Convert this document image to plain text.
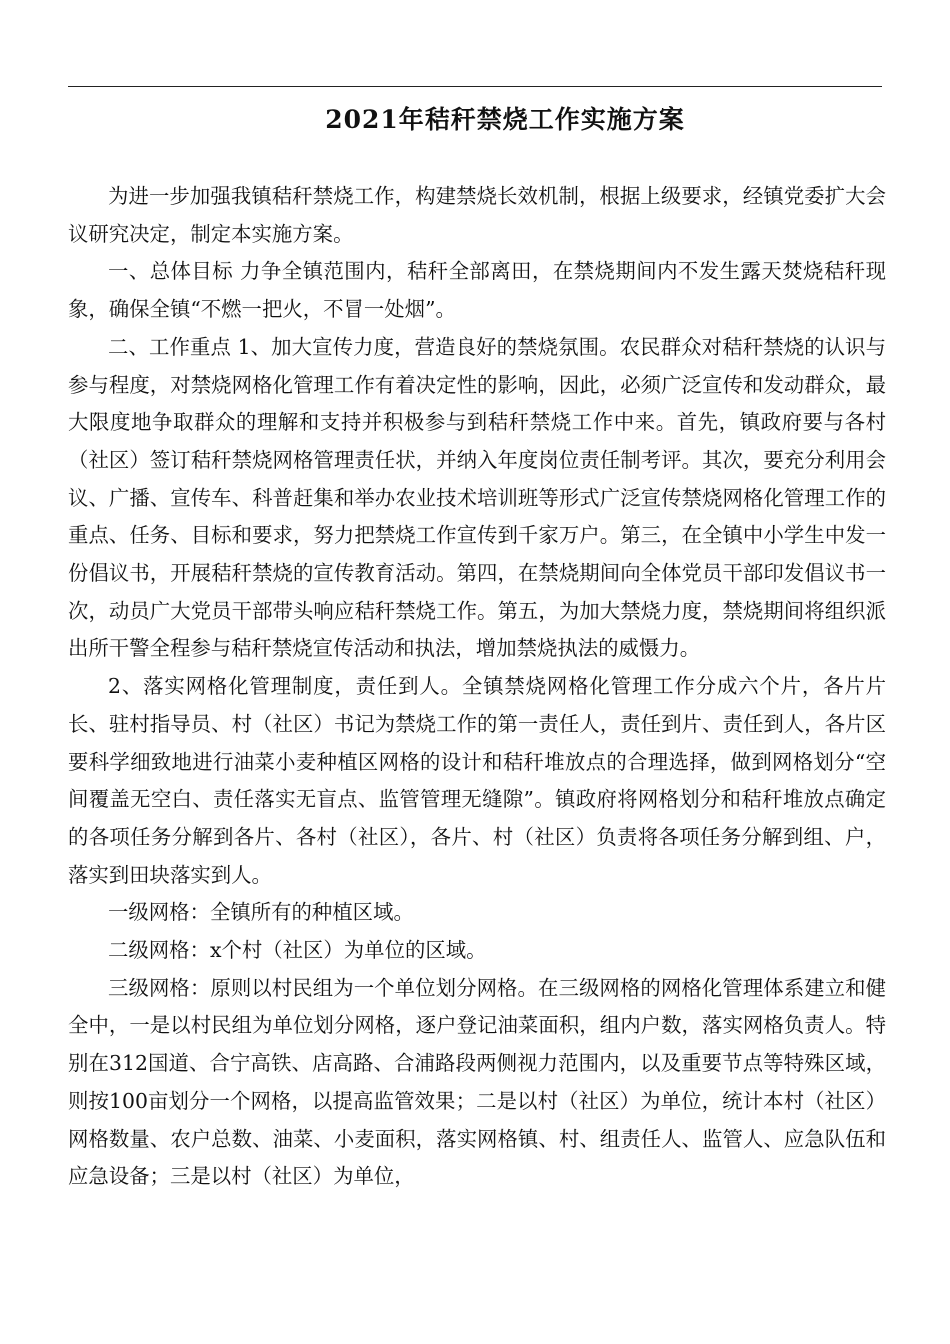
2021年秸秆禁烧工作实施方案

为进一步加强我镇秸秆禁烧工作，构建禁烧长效机制，根据上级要求，经镇党委扩大会议研究决定，制定本实施方案。

一、总体目标 力争全镇范围内，秸秆全部离田，在禁烧期间内不发生露天焚烧秸秆现象，确保全镇“不燃一把火，不冒一处烟”。

二、工作重点 1、加大宣传力度，营造良好的禁烧氛围。农民群众对秸秆禁烧的认识与参与程度，对禁烧网格化管理工作有着决定性的影响，因此，必须广泛宣传和发动群众，最大限度地争取群众的理解和支持并积极参与到秸秆禁烧工作中来。首先，镇政府要与各村（社区）签订秸秆禁烧网格管理责任状，并纳入年度岗位责任制考评。其次，要充分利用会议、广播、宣传车、科普赶集和举办农业技术培训班等形式广泛宣传禁烧网格化管理工作的重点、任务、目标和要求，努力把禁烧工作宣传到千家万户。第三，在全镇中小学生中发一份倡议书，开展秸秆禁烧的宣传教育活动。第四，在禁烧期间向全体党员干部印发倡议书一次，动员广大党员干部带头响应秸秆禁烧工作。第五，为加大禁烧力度，禁烧期间将组织派出所干警全程参与秸秆禁烧宣传活动和执法，增加禁烧执法的威慑力。

2、落实网格化管理制度，责任到人。全镇禁烧网格化管理工作分成六个片，各片片长、驻村指导员、村（社区）书记为禁烧工作的第一责任人，责任到片、责任到人，各片区要科学细致地进行油菜小麦种植区网格的设计和秸秆堆放点的合理选择，做到网格划分“空间覆盖无空白、责任落实无盲点、监管管理无缝隙”。镇政府将网格划分和秸秆堆放点确定的各项任务分解到各片、各村（社区），各片、村（社区）负责将各项任务分解到组、户，落实到田块落实到人。

一级网格：全镇所有的种植区域。

二级网格：x个村（社区）为单位的区域。

三级网格：原则以村民组为一个单位划分网格。在三级网格的网格化管理体系建立和健全中，一是以村民组为单位划分网格，逐户登记油菜面积，组内户数，落实网格负责人。特别在312国道、合宁高铁、店高路、合浦路段两侧视力范围内，以及重要节点等特殊区域，则按100亩划分一个网格，以提高监管效果；二是以村（社区）为单位，统计本村（社区）网格数量、农户总数、油菜、小麦面积，落实网格镇、村、组责任人、监管人、应急队伍和应急设备；三是以村（社区）为单位，
